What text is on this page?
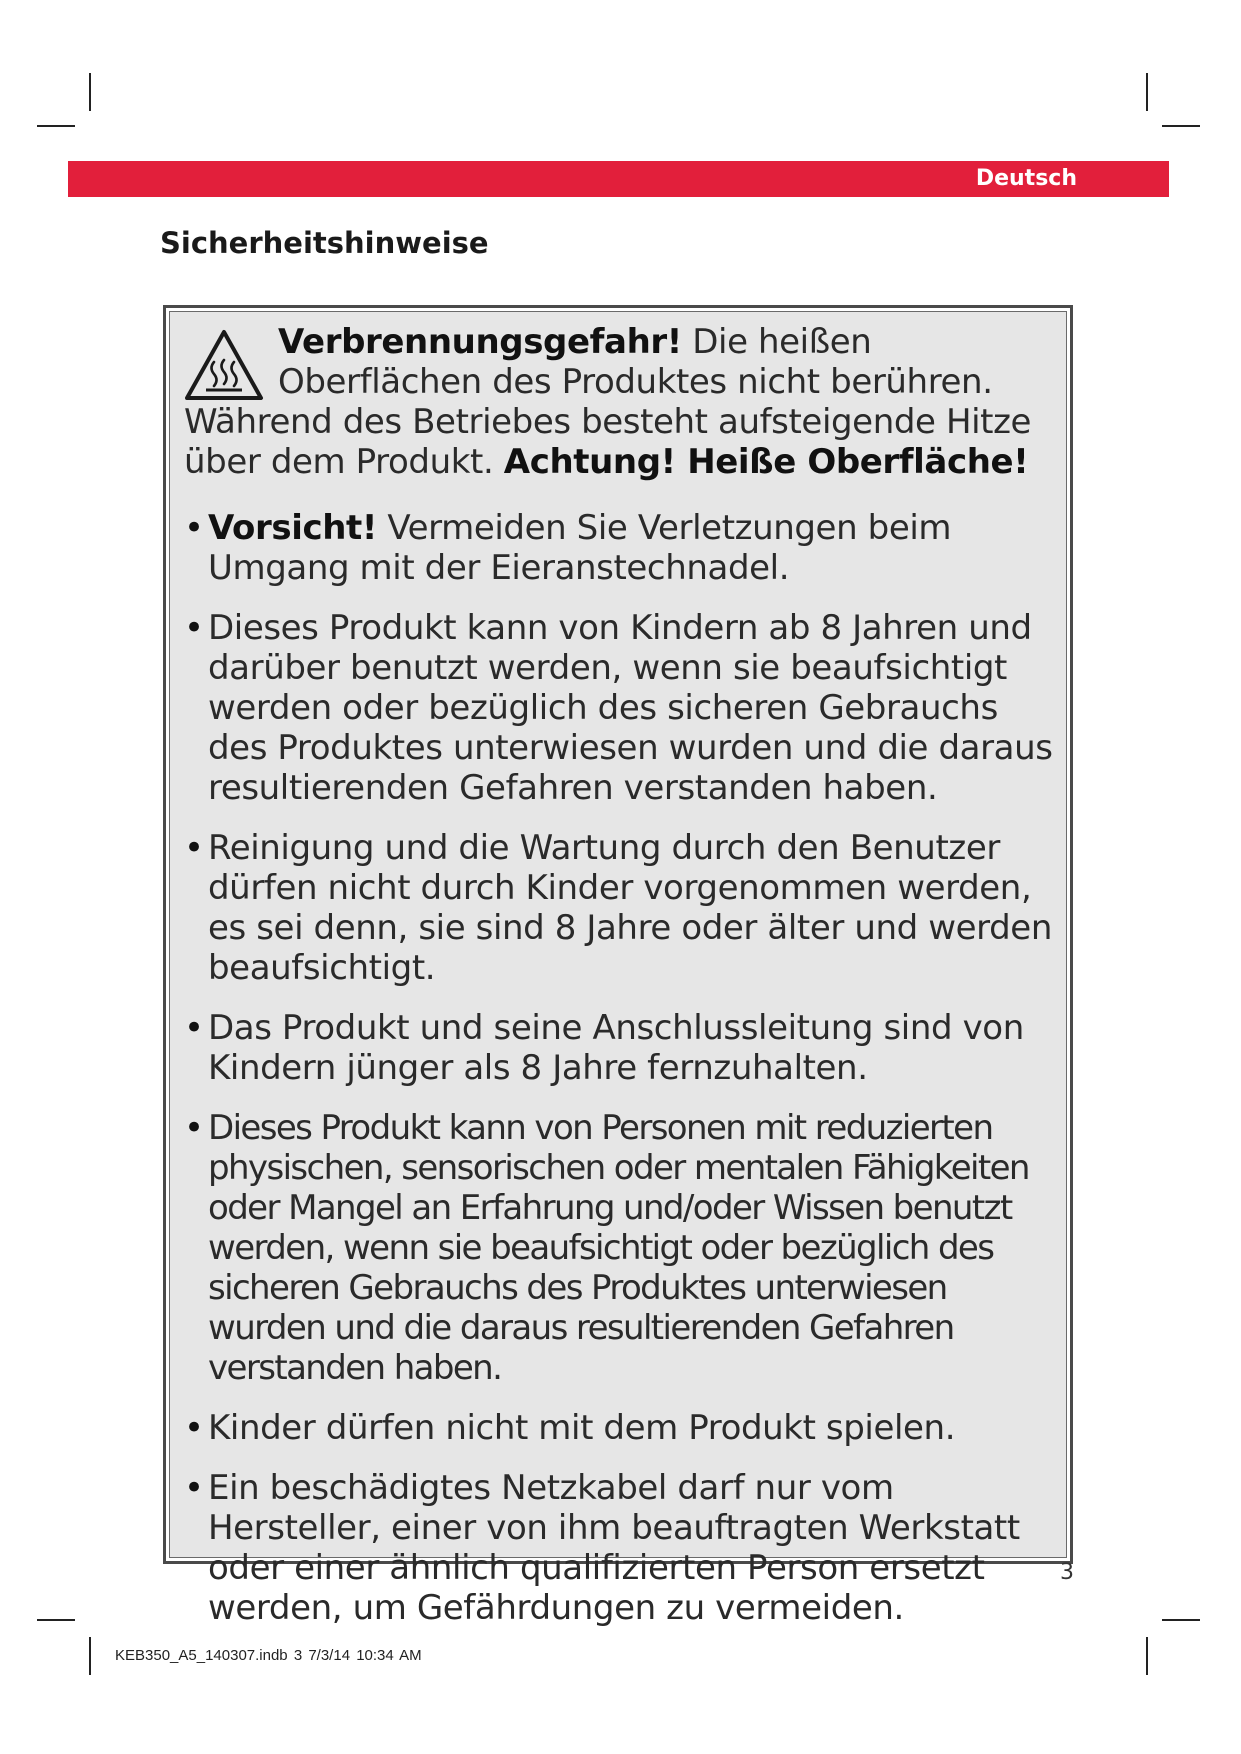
Deutsch
Sicherheitshinweise

Verbrennungsgefahr! Die heißen Oberflächen des Produktes nicht berühren. Während des Betriebes besteht aufsteigende Hitze über dem Produkt. Achtung! Heiße Oberfläche!

• Vorsicht! Vermeiden Sie Verletzungen beim Umgang mit der Eieranstechnadel.
• Dieses Produkt kann von Kindern ab 8 Jahren und darüber benutzt werden, wenn sie beaufsichtigt werden oder bezüglich des sicheren Gebrauchs des Produktes unterwiesen wurden und die daraus resultierenden Gefahren verstanden haben.
• Reinigung und die Wartung durch den Benutzer dürfen nicht durch Kinder vorgenommen werden, es sei denn, sie sind 8 Jahre oder älter und werden beaufsichtigt.
• Das Produkt und seine Anschlussleitung sind von Kindern jünger als 8 Jahre fernzuhalten.
• Dieses Produkt kann von Personen mit reduzierten physischen, sensorischen oder mentalen Fähigkeiten oder Mangel an Erfahrung und/oder Wissen benutzt werden, wenn sie beaufsichtigt oder bezüglich des sicheren Gebrauchs des Produktes unterwiesen wurden und die daraus resultierenden Gefahren verstanden haben.
• Kinder dürfen nicht mit dem Produkt spielen.
• Ein beschädigtes Netzkabel darf nur vom Hersteller, einer von ihm beauftragten Werkstatt oder einer ähnlich qualifizierten Person ersetzt werden, um Gefährdungen zu vermeiden.
3
KEB350_A5_140307.indb 3 7/3/14 10:34 AM
